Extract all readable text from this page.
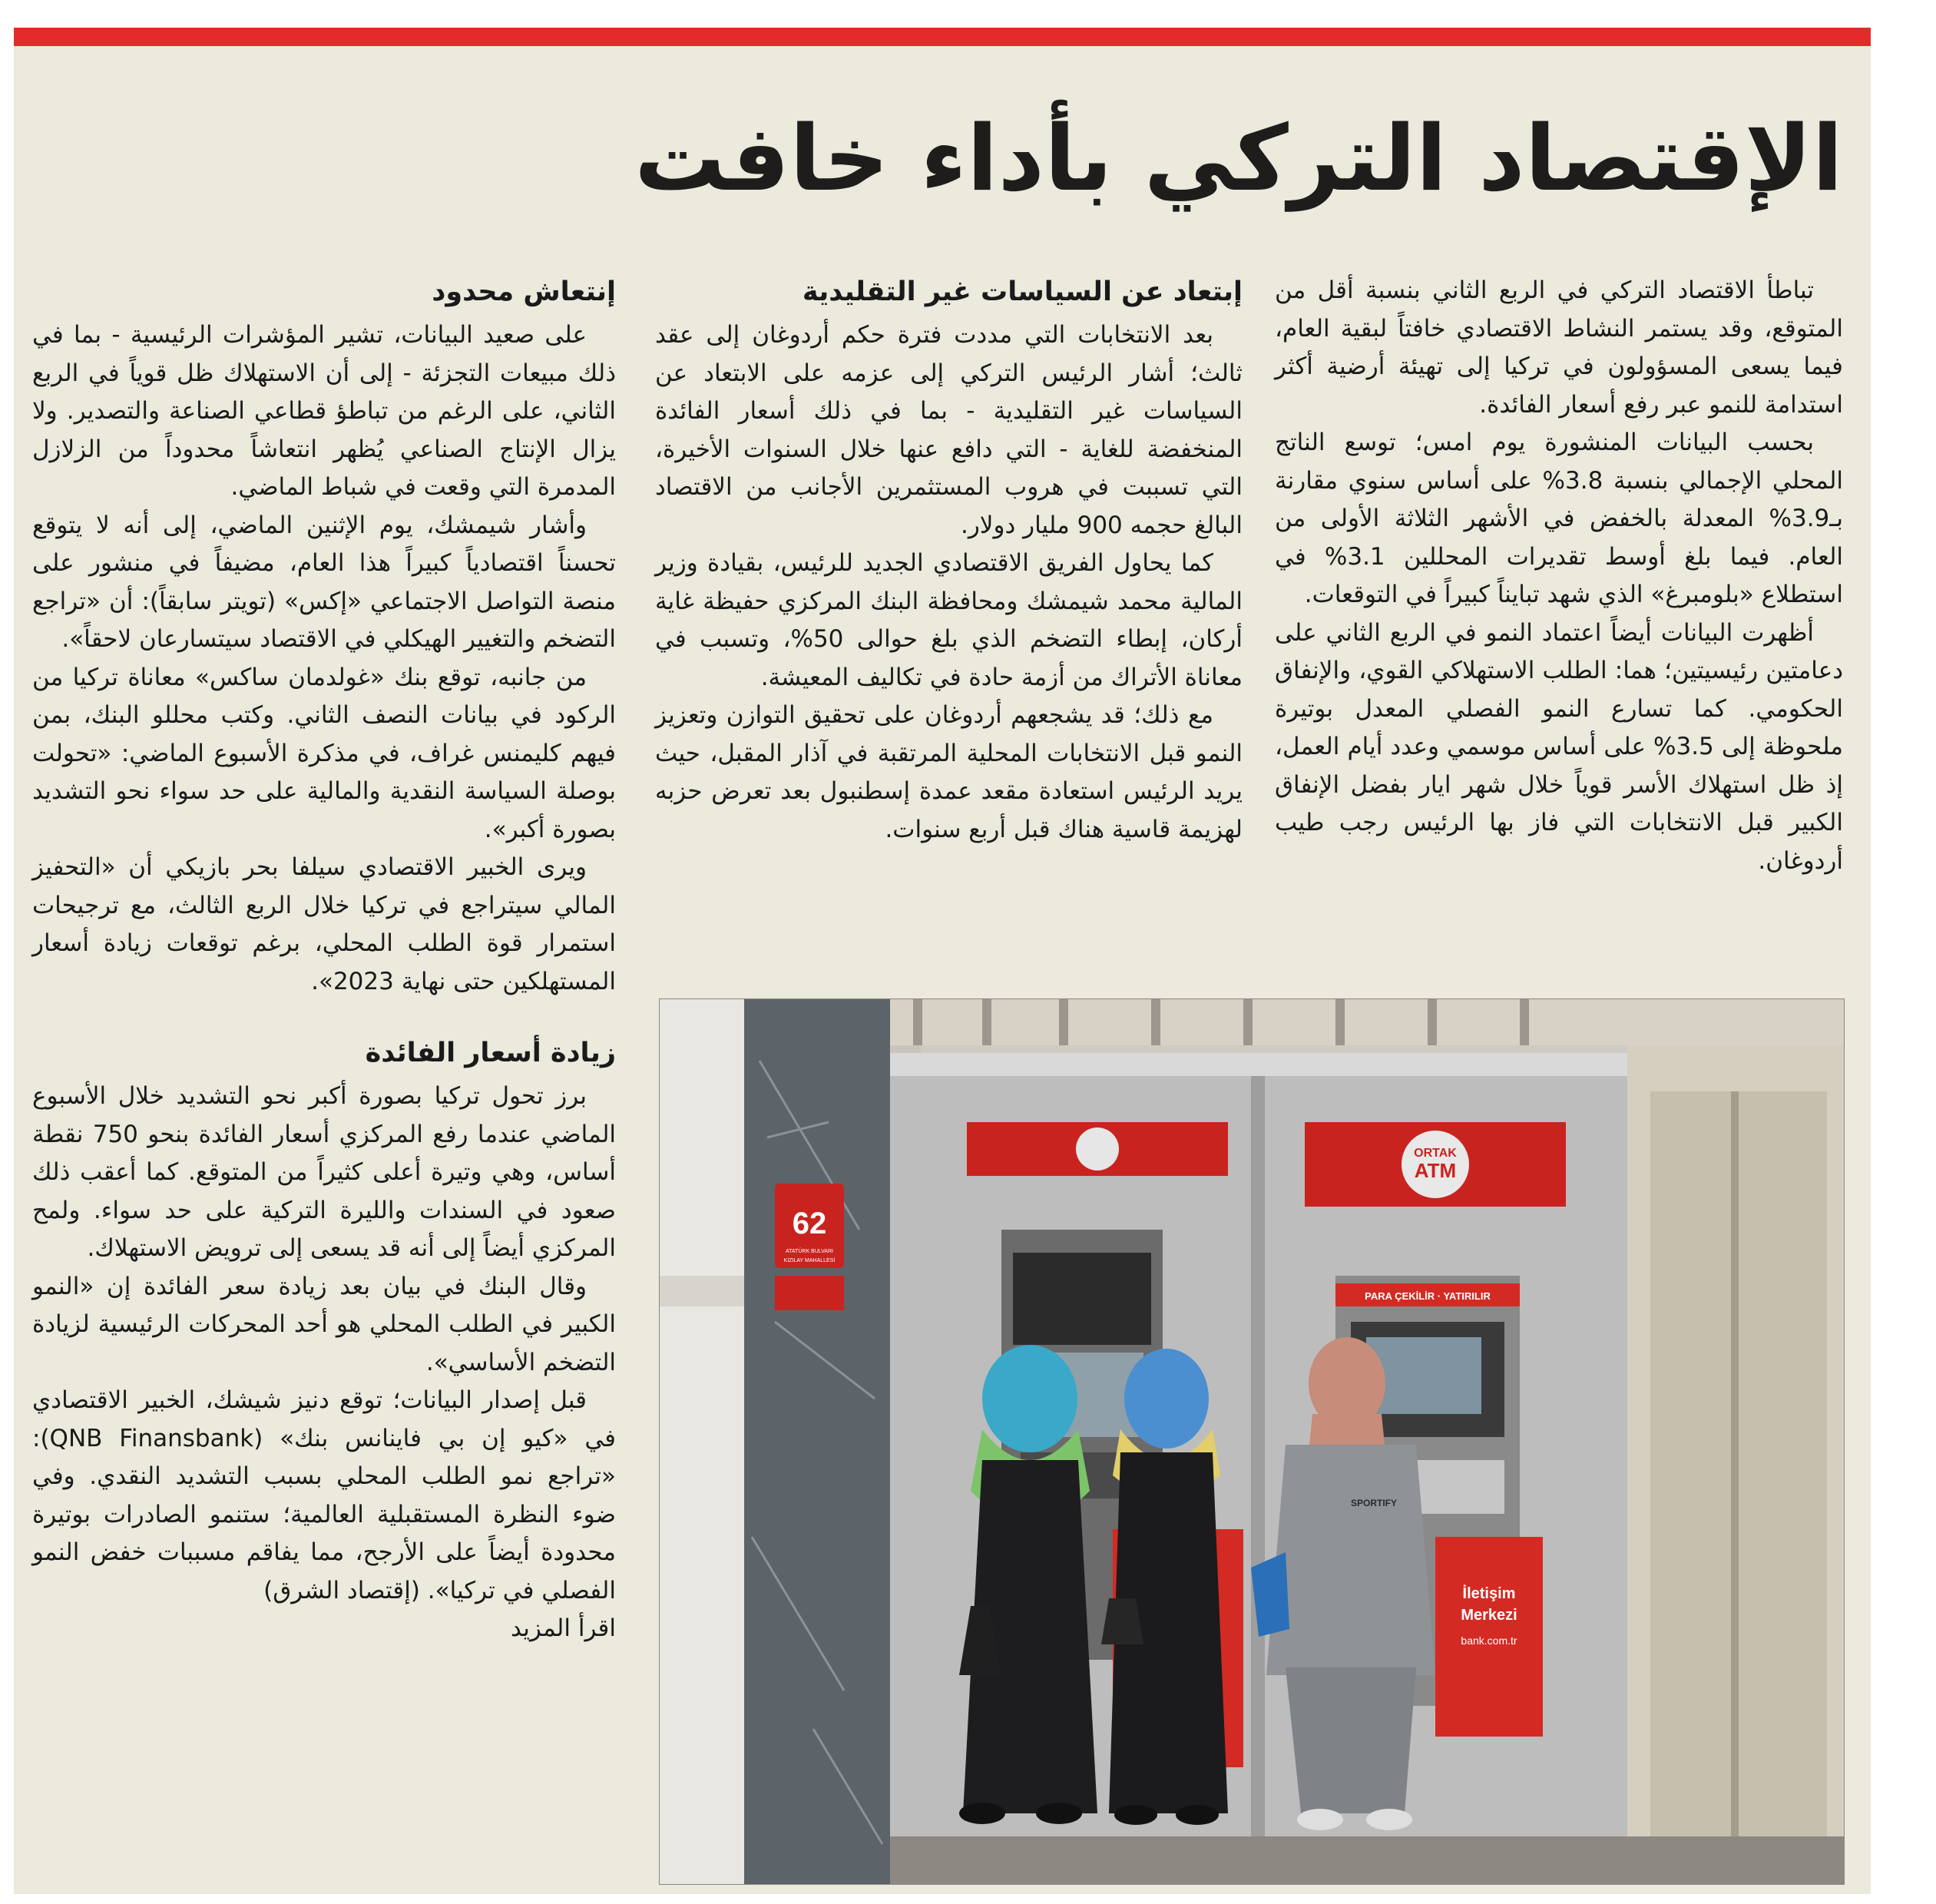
الإقتصاد التركي بأداء خافت

تباطأ الاقتصاد التركي في الربع الثاني بنسبة أقل من المتوقع، وقد يستمر النشاط الاقتصادي خافتاً لبقية العام، فيما يسعى المسؤولون في تركيا إلى تهيئة أرضية أكثر استدامة للنمو عبر رفع أسعار الفائدة.

بحسب البيانات المنشورة يوم امس؛ توسع الناتج المحلي الإجمالي بنسبة 3.8% على أساس سنوي مقارنة بـ3.9% المعدلة بالخفض في الأشهر الثلاثة الأولى من العام. فيما بلغ أوسط تقديرات المحللين 3.1% في استطلاع «بلومبرغ» الذي شهد تبايناً كبيراً في التوقعات.

أظهرت البيانات أيضاً اعتماد النمو في الربع الثاني على دعامتين رئيسيتين؛ هما: الطلب الاستهلاكي القوي، والإنفاق الحكومي. كما تسارع النمو الفصلي المعدل بوتيرة ملحوظة إلى 3.5% على أساس موسمي وعدد أيام العمل، إذ ظل استهلاك الأسر قوياً خلال شهر ايار بفضل الإنفاق الكبير قبل الانتخابات التي فاز بها الرئيس رجب طيب أردوغان.

إبتعاد عن السياسات غير التقليدية

بعد الانتخابات التي مددت فترة حكم أردوغان إلى عقد ثالث؛ أشار الرئيس التركي إلى عزمه على الابتعاد عن السياسات غير التقليدية - بما في ذلك أسعار الفائدة المنخفضة للغاية - التي دافع عنها خلال السنوات الأخيرة، التي تسببت في هروب المستثمرين الأجانب من الاقتصاد البالغ حجمه 900 مليار دولار.

كما يحاول الفريق الاقتصادي الجديد للرئيس، بقيادة وزير المالية محمد شيمشك ومحافظة البنك المركزي حفيظة غاية أركان، إبطاء التضخم الذي بلغ حوالى 50%، وتسبب في معاناة الأتراك من أزمة حادة في تكاليف المعيشة.

مع ذلك؛ قد يشجعهم أردوغان على تحقيق التوازن وتعزيز النمو قبل الانتخابات المحلية المرتقبة في آذار المقبل، حيث يريد الرئيس استعادة مقعد عمدة إسطنبول بعد تعرض حزبه لهزيمة قاسية هناك قبل أربع سنوات.

إنتعاش محدود

على صعيد البيانات، تشير المؤشرات الرئيسية - بما في ذلك مبيعات التجزئة - إلى أن الاستهلاك ظل قوياً في الربع الثاني، على الرغم من تباطؤ قطاعي الصناعة والتصدير. ولا يزال الإنتاج الصناعي يُظهر انتعاشاً محدوداً من الزلازل المدمرة التي وقعت في شباط الماضي.

وأشار شيمشك، يوم الإثنين الماضي، إلى أنه لا يتوقع تحسناً اقتصادياً كبيراً هذا العام، مضيفاً في منشور على منصة التواصل الاجتماعي «إكس» (تويتر سابقاً): أن «تراجع التضخم والتغيير الهيكلي في الاقتصاد سيتسارعان لاحقاً».

من جانبه، توقع بنك «غولدمان ساكس» معاناة تركيا من الركود في بيانات النصف الثاني. وكتب محللو البنك، بمن فيهم كليمنس غراف، في مذكرة الأسبوع الماضي: «تحولت بوصلة السياسة النقدية والمالية على حد سواء نحو التشديد بصورة أكبر».

ويرى الخبير الاقتصادي سيلفا بحر بازيكي أن «التحفيز المالي سيتراجع في تركيا خلال الربع الثالث، مع ترجيحات استمرار قوة الطلب المحلي، برغم توقعات زيادة أسعار المستهلكين حتى نهاية 2023».

زيادة أسعار الفائدة

برز تحول تركيا بصورة أكبر نحو التشديد خلال الأسبوع الماضي عندما رفع المركزي أسعار الفائدة بنحو 750 نقطة أساس، وهي وتيرة أعلى كثيراً من المتوقع. كما أعقب ذلك صعود في السندات والليرة التركية على حد سواء. ولمح المركزي أيضاً إلى أنه قد يسعى إلى ترويض الاستهلاك.

وقال البنك في بيان بعد زيادة سعر الفائدة إن «النمو الكبير في الطلب المحلي هو أحد المحركات الرئيسية لزيادة التضخم الأساسي».

قبل إصدار البيانات؛ توقع دنيز شيشك، الخبير الاقتصادي في «كيو إن بي فاينانس بنك» (QNB Finansbank): «تراجع نمو الطلب المحلي بسبب التشديد النقدي. وفي ضوء النظرة المستقبلية العالمية؛ ستنمو الصادرات بوتيرة محدودة أيضاً على الأرجح، مما يفاقم مسببات خفض النمو الفصلي في تركيا». (إقتصاد الشرق)

اقرأ المزيد
ORTAK
ATM
62
ATATÜRK BULVARI
KIZILAY MAHALLESİ
PARA ÇEKİLİR · YATIRILIR
İletişim
Merkezi
bank.com.tr
SPORTIFY
